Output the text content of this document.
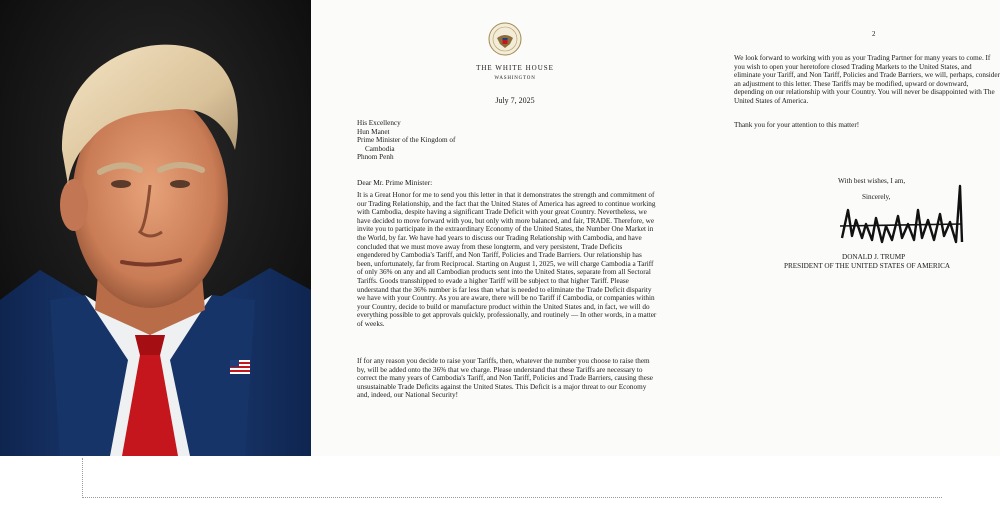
THE WHITE HOUSE
WASHINGTON
July 7, 2025
His Excellency
Hun Manet
Prime Minister of the Kingdom of
Cambodia
Phnom Penh
Dear Mr. Prime Minister:
It is a Great Honor for me to send you this letter in that it demonstrates the strength and commitment of our Trading Relationship, and the fact that the United States of America has agreed to continue working with Cambodia, despite having a significant Trade Deficit with your great Country. Nevertheless, we have decided to move forward with you, but only with more balanced, and fair, TRADE. Therefore, we invite you to participate in the extraordinary Economy of the United States, the Number One Market in the World, by far. We have had years to discuss our Trading Relationship with Cambodia, and have concluded that we must move away from these longterm, and very persistent, Trade Deficits engendered by Cambodia's Tariff, and Non Tariff, Policies and Trade Barriers. Our relationship has been, unfortunately, far from Reciprocal. Starting on August 1, 2025, we will charge Cambodia a Tariff of only 36% on any and all Cambodian products sent into the United States, separate from all Sectoral Tariffs. Goods transshipped to evade a higher Tariff will be subject to that higher Tariff. Please understand that the 36% number is far less than what is needed to eliminate the Trade Deficit disparity we have with your Country. As you are aware, there will be no Tariff if Cambodia, or companies within your Country, decide to build or manufacture product within the United States and, in fact, we will do everything possible to get approvals quickly, professionally, and routinely — In other words, in a matter of weeks.
If for any reason you decide to raise your Tariffs, then, whatever the number you choose to raise them by, will be added onto the 36% that we charge. Please understand that these Tariffs are necessary to correct the many years of Cambodia's Tariff, and Non Tariff, Policies and Trade Barriers, causing these unsustainable Trade Deficits against the United States. This Deficit is a major threat to our Economy and, indeed, our National Security!
2
We look forward to working with you as your Trading Partner for many years to come. If you wish to open your heretofore closed Trading Markets to the United States, and eliminate your Tariff, and Non Tariff, Policies and Trade Barriers, we will, perhaps, consider an adjustment to this letter. These Tariffs may be modified, upward or downward, depending on our relationship with your Country. You will never be disappointed with The United States of America.
Thank you for your attention to this matter!
With best wishes, I am,
Sincerely,
DONALD J. TRUMP
PRESIDENT OF THE UNITED STATES OF AMERICA
